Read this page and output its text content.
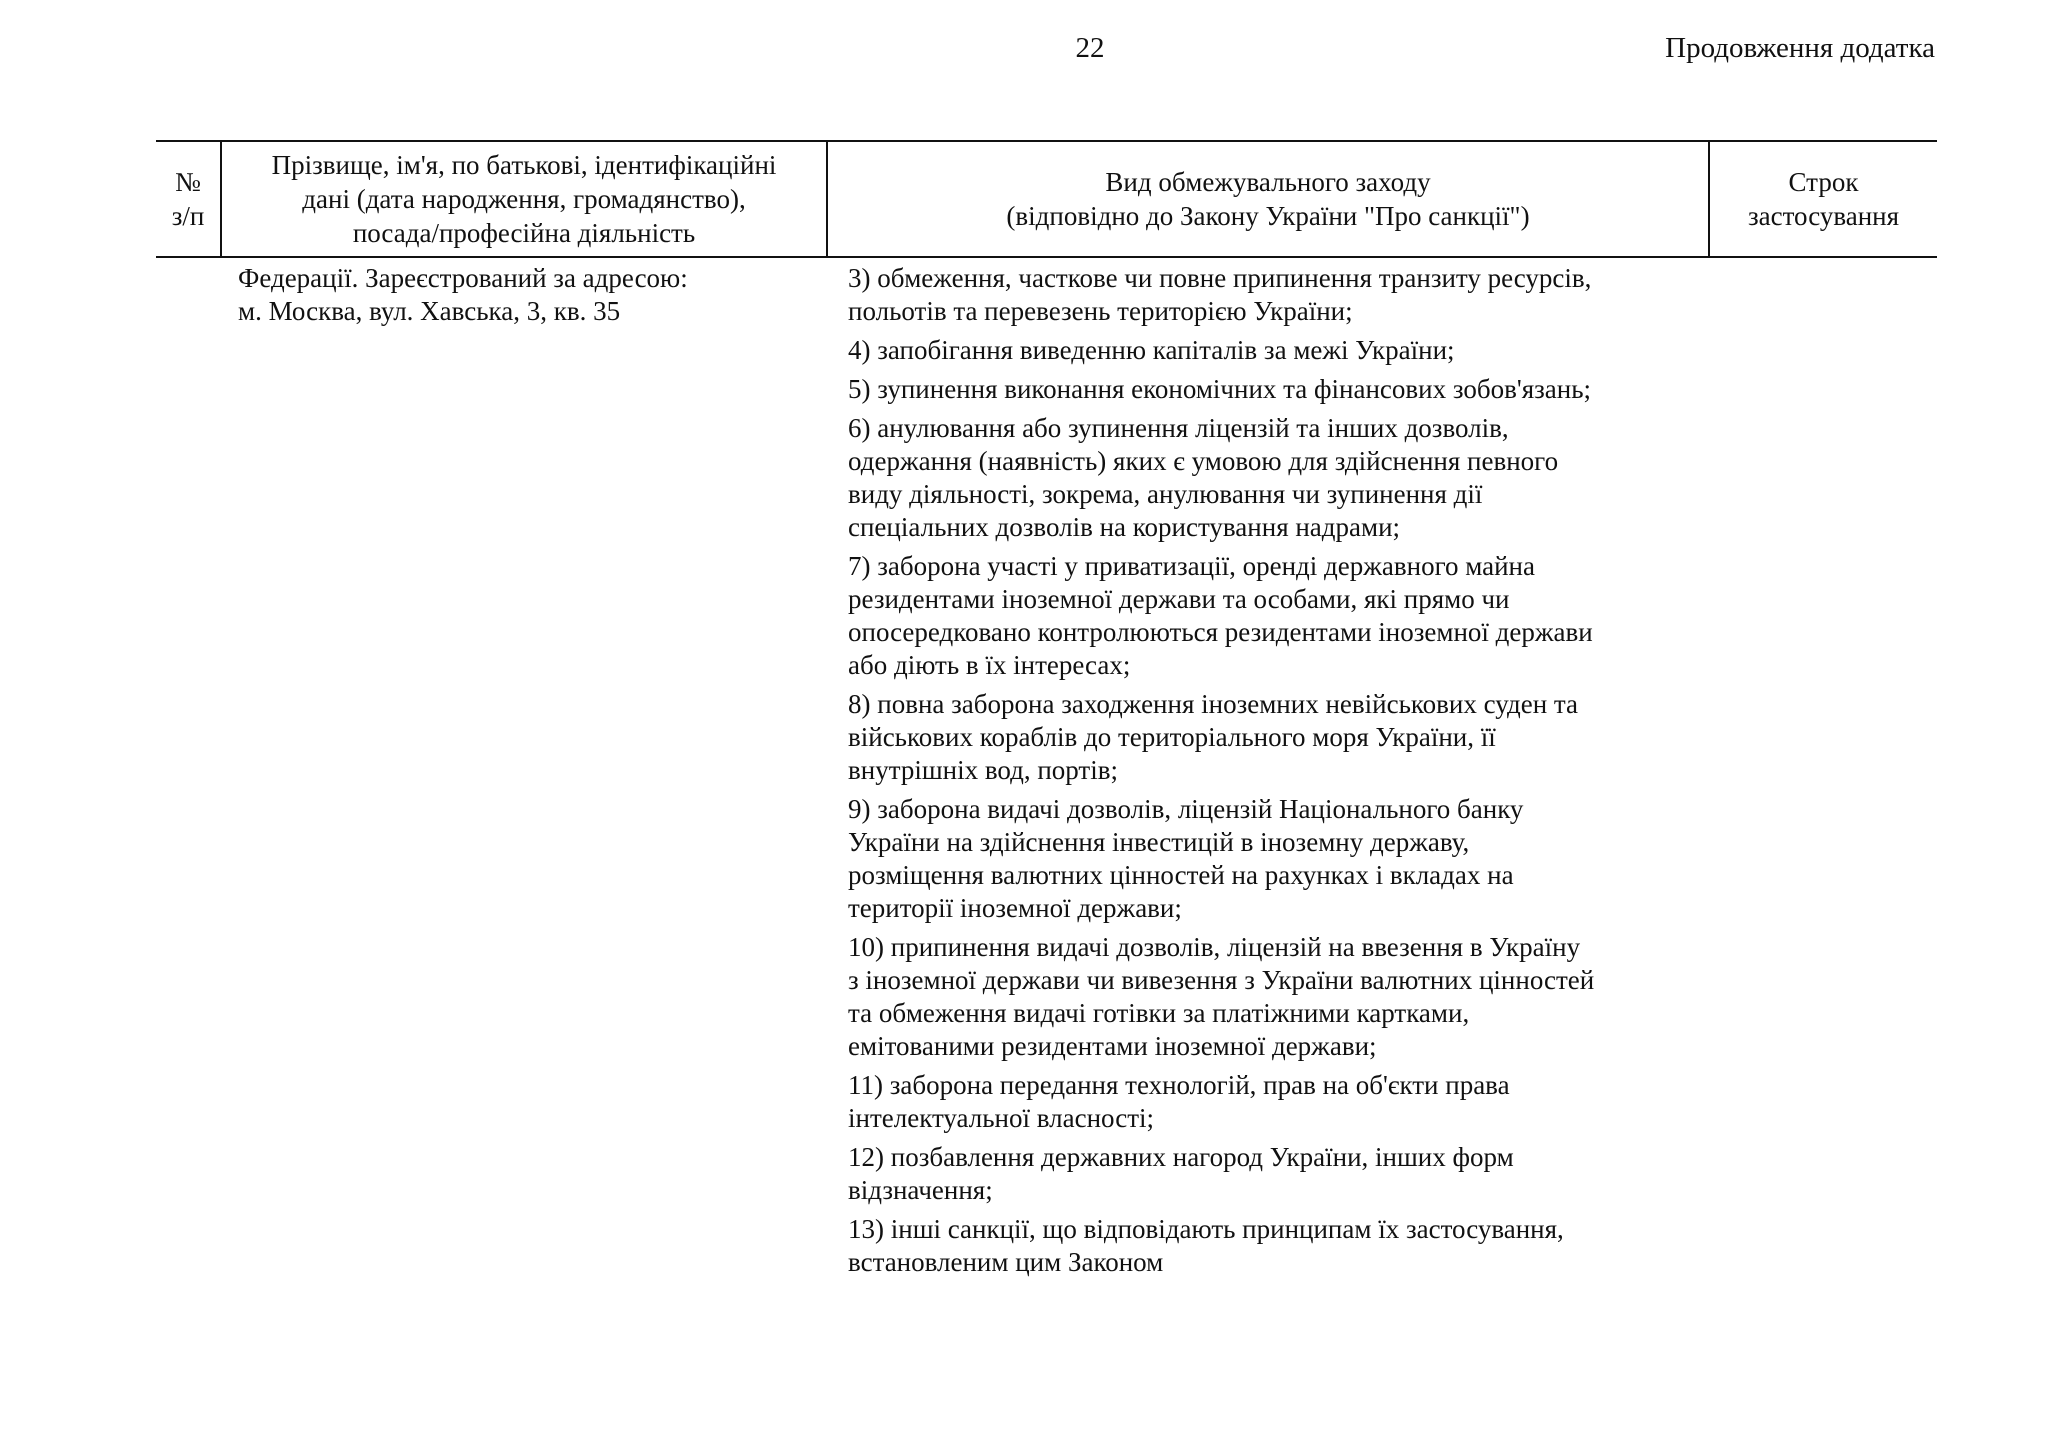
22	Продовження додатка
№
з/п
Прізвище, ім'я, по батькові, ідентифікаційні
дані (дата народження, громадянство),
посада/професійна діяльність
Вид обмежувального заходу
(відповідно до Закону України "Про санкції")
Строк
застосування
Федерації. Зареєстрований за адресою:
м. Москва, вул. Хавська, 3, кв. 35
3) обмеження, часткове чи повне припинення транзиту ресурсів,
польотів та перевезень територією України;
4) запобігання виведенню капіталів за межі України;
5) зупинення виконання економічних та фінансових зобов'язань;
6) анулювання або зупинення ліцензій та інших дозволів,
одержання (наявність) яких є умовою для здійснення певного
виду діяльності, зокрема, анулювання чи зупинення дії
спеціальних дозволів на користування надрами;
7) заборона участі у приватизації, оренді державного майна
резидентами іноземної держави та особами, які прямо чи
опосередковано контролюються резидентами іноземної держави
або діють в їх інтересах;
8) повна заборона заходження іноземних невійськових суден та
військових кораблів до територіального моря України, її
внутрішніх вод, портів;
9) заборона видачі дозволів, ліцензій Національного банку
України на здійснення інвестицій в іноземну державу,
розміщення валютних цінностей на рахунках і вкладах на
території іноземної держави;
10) припинення видачі дозволів, ліцензій на ввезення в Україну
з іноземної держави чи вивезення з України валютних цінностей
та обмеження видачі готівки за платіжними картками,
емітованими резидентами іноземної держави;
11) заборона передання технологій, прав на об'єкти права
інтелектуальної власності;
12) позбавлення державних нагород України, інших форм
відзначення;
13) інші санкції, що відповідають принципам їх застосування,
встановленим цим Законом
